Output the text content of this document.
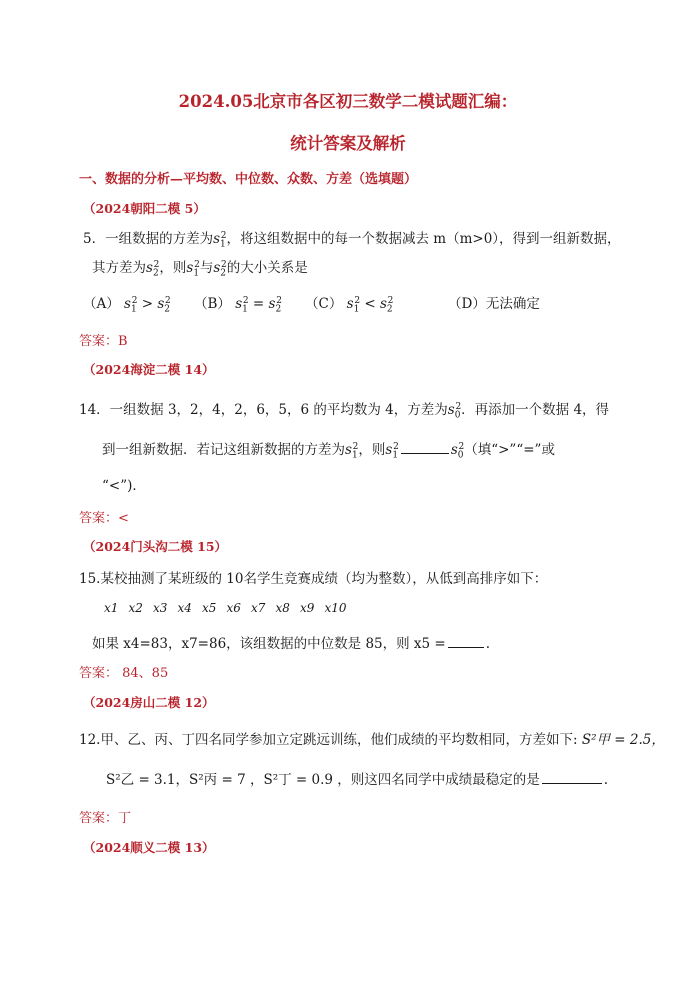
2024.05北京市各区初三数学二模试题汇编：
统计答案及解析
一、数据的分析—平均数、中位数、众数、方差（选填题）
（2024朝阳二模 5）
5．一组数据的方差为$s_1^2$，将这组数据中的每一个数据减去 m（m>0），得到一组新数据，
其方差为$s_2^2$，则$s_1^2$与$s_2^2$的大小关系是
（A） $s_1^2 > s_2^2$ （B） $s_1^2 = s_2^2$ （C） $s_1^2 < s_2^2$	（D）无法确定
答案：B
（2024海淀二模 14）
14．一组数据 3，2，4，2，6，5，6 的平均数为 4，方差为$s_0^2$．再添加一个数据 4，得
到一组新数据．若记这组新数据的方差为$s_1^2$，则$s_1^2$	$s_0^2$（填“>”“=”或
“<”)．
答案：<
（2024门头沟二模 15）
15.某校抽测了某班级的 10名学生竞赛成绩（均为整数），从低到高排序如下：
x1 x2 x3 x4 x5 x6 x7 x8 x9 x10
如果 x4=83，x7=86，该组数据的中位数是 85，则 x5 =	.
答案： 84、85
（2024房山二模 12）
12.甲、乙、丙、丁四名同学参加立定跳远训练，他们成绩的平均数相同，方差如下: S²甲 = 2.5，
S²乙 = 3.1，S²丙 = 7 ，S²丁 = 0.9 ，则这四名同学中成绩最稳定的是	.
答案：丁
（2024顺义二模 13）
